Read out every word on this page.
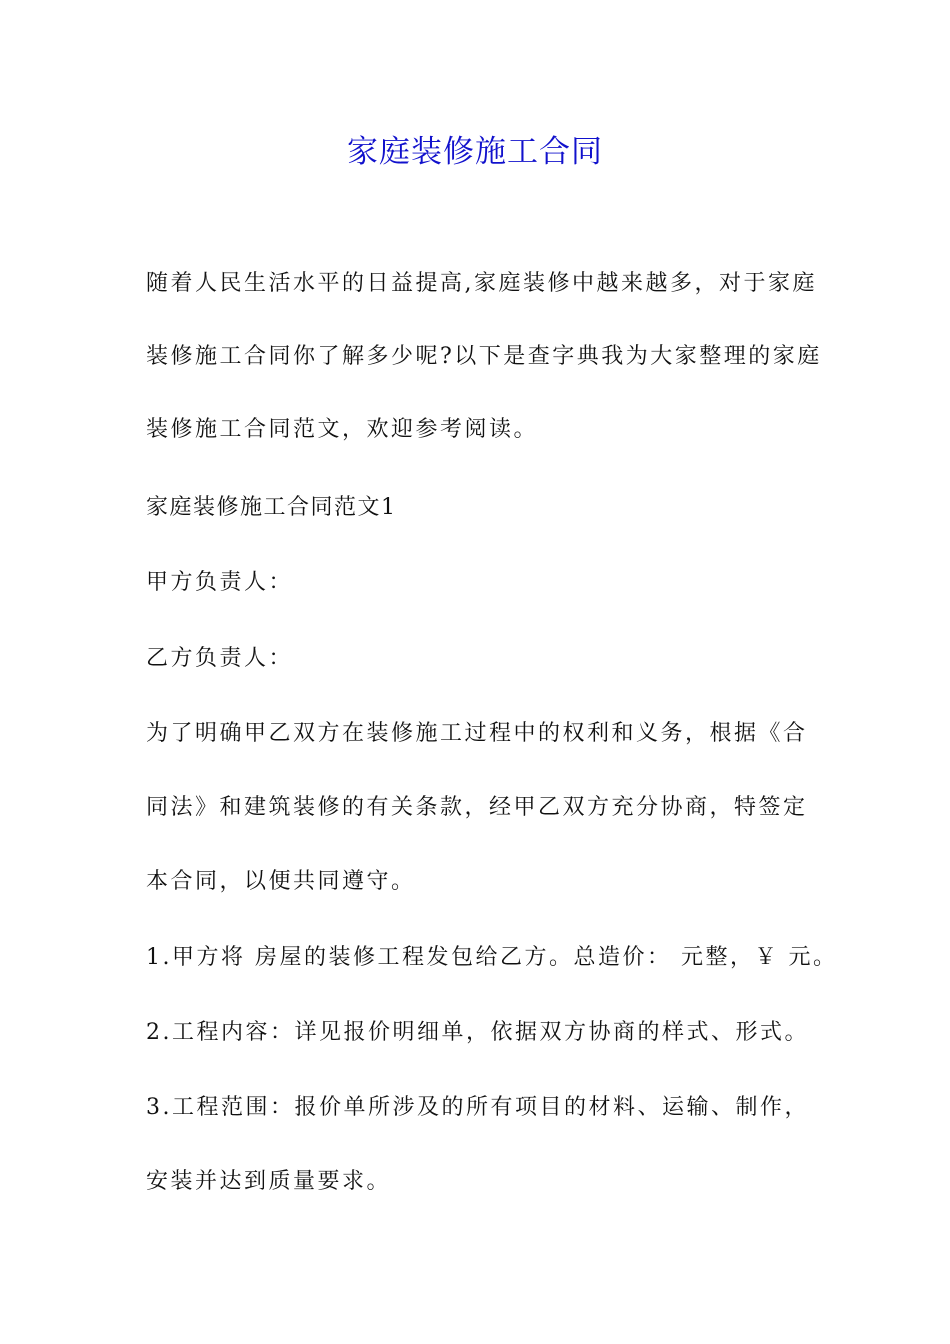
家庭装修施工合同

随着人民生活水平的日益提高,家庭装修中越来越多，对于家庭

装修施工合同你了解多少呢?以下是查字典我为大家整理的家庭

装修施工合同范文，欢迎参考阅读。

家庭装修施工合同范文1

甲方负责人：

乙方负责人：

为了明确甲乙双方在装修施工过程中的权利和义务，根据《合

同法》和建筑装修的有关条款，经甲乙双方充分协商，特签定

本合同，以便共同遵守。

1.甲方将 房屋的装修工程发包给乙方。总造价： 元整，￥ 元。

2.工程内容：详见报价明细单，依据双方协商的样式、形式。

3.工程范围：报价单所涉及的所有项目的材料、运输、制作，

安装并达到质量要求。
